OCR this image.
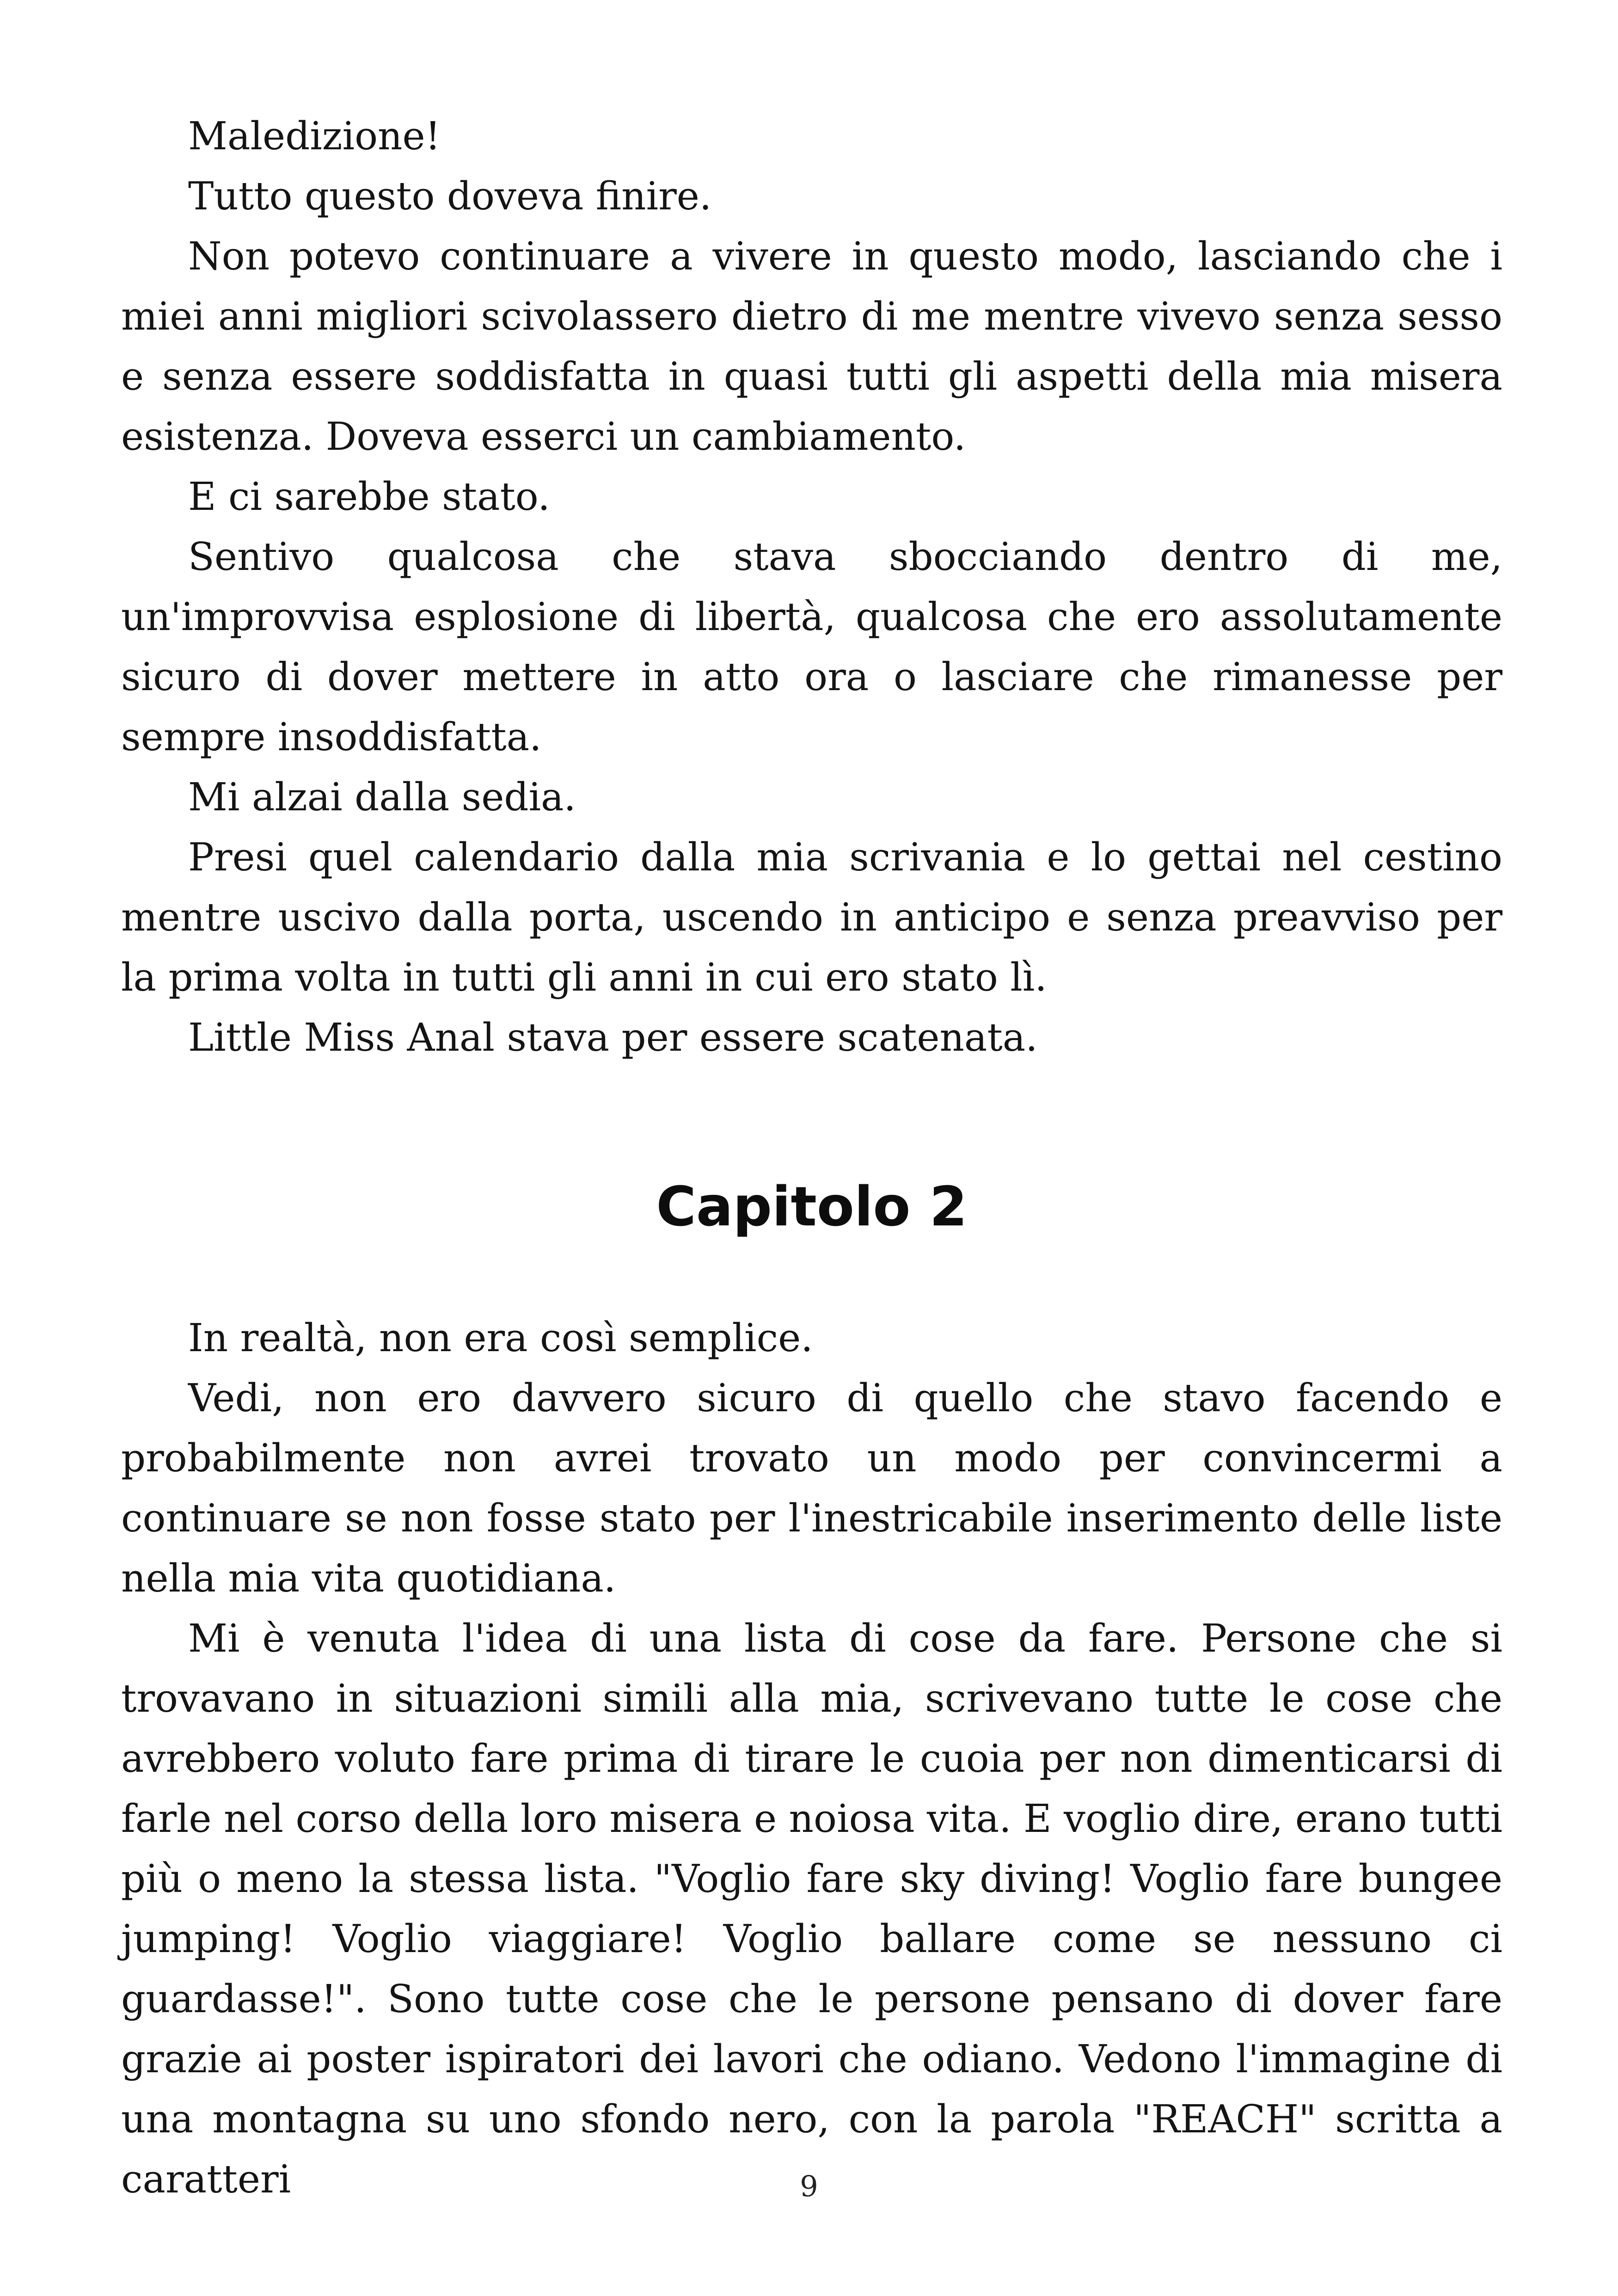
Maledizione!

Tutto questo doveva finire.

Non potevo continuare a vivere in questo modo, lasciando che i miei anni migliori scivolassero dietro di me mentre vivevo senza sesso e senza essere soddisfatta in quasi tutti gli aspetti della mia misera esistenza. Doveva esserci un cambiamento.

E ci sarebbe stato.

Sentivo qualcosa che stava sbocciando dentro di me, un'improvvisa esplosione di libertà, qualcosa che ero assolutamente sicuro di dover mettere in atto ora o lasciare che rimanesse per sempre insoddisfatta.

Mi alzai dalla sedia.

Presi quel calendario dalla mia scrivania e lo gettai nel cestino mentre uscivo dalla porta, uscendo in anticipo e senza preavviso per la prima volta in tutti gli anni in cui ero stato lì.

Little Miss Anal stava per essere scatenata.

Capitolo 2

In realtà, non era così semplice.

Vedi, non ero davvero sicuro di quello che stavo facendo e probabilmente non avrei trovato un modo per convincermi a continuare se non fosse stato per l'inestricabile inserimento delle liste nella mia vita quotidiana.

Mi è venuta l'idea di una lista di cose da fare. Persone che si trovavano in situazioni simili alla mia, scrivevano tutte le cose che avrebbero voluto fare prima di tirare le cuoia per non dimenticarsi di farle nel corso della loro misera e noiosa vita. E voglio dire, erano tutti più o meno la stessa lista. "Voglio fare sky diving! Voglio fare bungee jumping! Voglio viaggiare! Voglio ballare come se nessuno ci guardasse!". Sono tutte cose che le persone pensano di dover fare grazie ai poster ispiratori dei lavori che odiano. Vedono l'immagine di una montagna su uno sfondo nero, con la parola "REACH" scritta a caratteri	9
